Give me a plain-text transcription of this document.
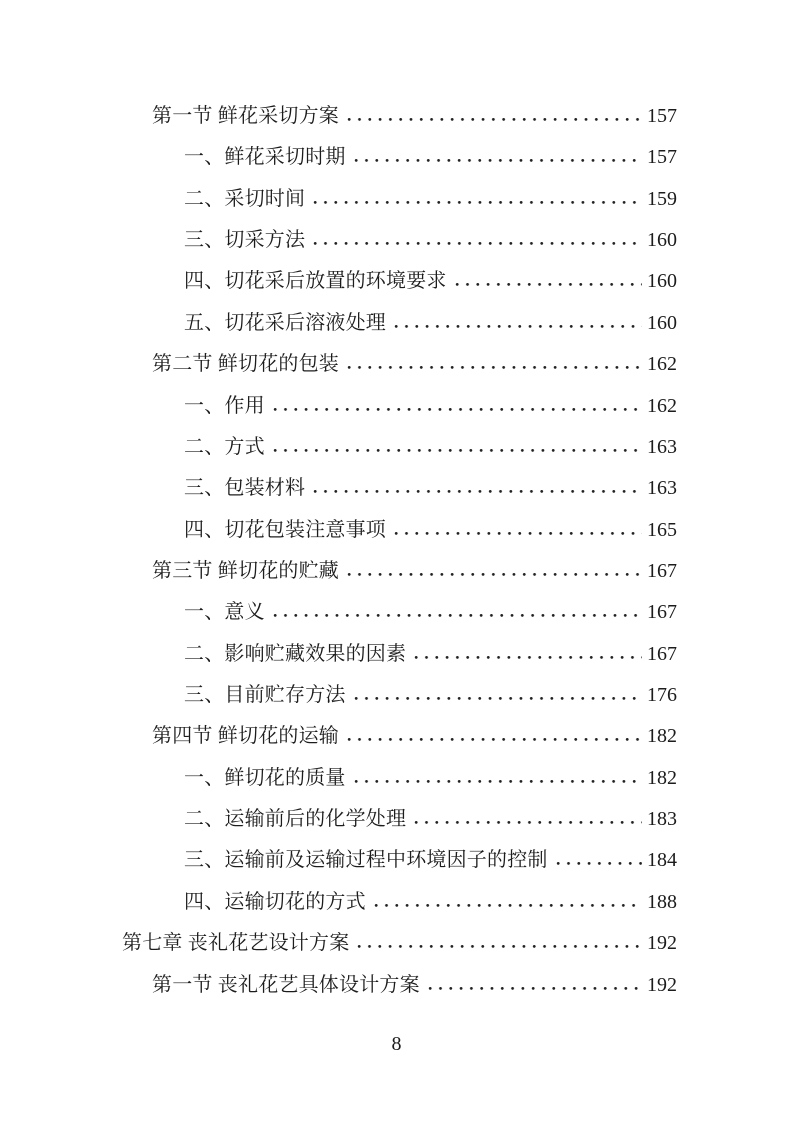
第一节 鲜花采切方案	157
一、鲜花采切时期	157
二、采切时间	159
三、切采方法	160
四、切花采后放置的环境要求	160
五、切花采后溶液处理	160
第二节 鲜切花的包装	162
一、作用	162
二、方式	163
三、包装材料	163
四、切花包装注意事项	165
第三节 鲜切花的贮藏	167
一、意义	167
二、影响贮藏效果的因素	167
三、目前贮存方法	176
第四节 鲜切花的运输	182
一、鲜切花的质量	182
二、运输前后的化学处理	183
三、运输前及运输过程中环境因子的控制	184
四、运输切花的方式	188
第七章 丧礼花艺设计方案	192
第一节 丧礼花艺具体设计方案	192
8
